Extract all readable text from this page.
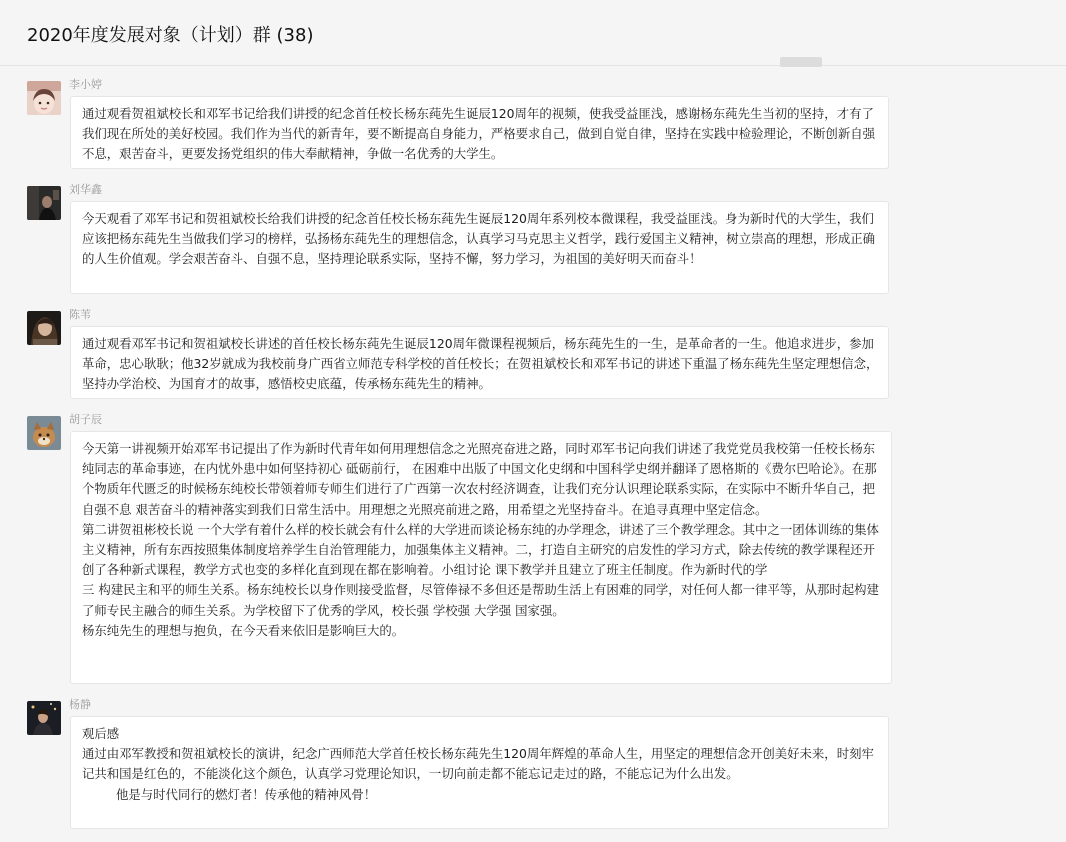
2020年度发展对象（计划）群 (38)
李小婷
通过观看贺祖斌校长和邓军书记给我们讲授的纪念首任校长杨东莼先生诞辰120周年的视频，使我受益匪浅，感谢杨东莼先生当初的坚持，才有了我们现在所处的美好校园。我们作为当代的新青年，要不断提高自身能力，严格要求自己，做到自觉自律，坚持在实践中检验理论，不断创新自强不息，艰苦奋斗，更要发扬党组织的伟大奉献精神，争做一名优秀的大学生。
刘华鑫
今天观看了邓军书记和贺祖斌校长给我们讲授的纪念首任校长杨东莼先生诞辰120周年系列校本微课程，我受益匪浅。身为新时代的大学生，我们应该把杨东莼先生当做我们学习的榜样，弘扬杨东莼先生的理想信念，认真学习马克思主义哲学，践行爱国主义精神，树立崇高的理想，形成正确的人生价值观。学会艰苦奋斗、自强不息，坚持理论联系实际，坚持不懈，努力学习，为祖国的美好明天而奋斗！
陈苇
通过观看邓军书记和贺祖斌校长讲述的首任校长杨东莼先生诞辰120周年微课程视频后，杨东莼先生的一生，是革命者的一生。他追求进步，参加革命，忠心耿耿；他32岁就成为我校前身广西省立师范专科学校的首任校长；在贺祖斌校长和邓军书记的讲述下重温了杨东莼先生坚定理想信念，坚持办学治校、为国育才的故事，感悟校史底蕴，传承杨东莼先生的精神。
胡子辰
今天第一讲视频开始邓军书记提出了作为新时代青年如何用理想信念之光照亮奋进之路，同时邓军书记向我们讲述了我党党员我校第一任校长杨东纯同志的革命事迹，在内忧外患中如何坚持初心 砥砺前行， 在困难中出版了中国文化史纲和中国科学史纲并翻译了恩格斯的《费尔巴哈论》。在那个物质年代匮乏的时候杨东纯校长带领着师专师生们进行了广西第一次农村经济调查，让我们充分认识理论联系实际，在实际中不断升华自己，把自强不息 艰苦奋斗的精神落实到我们日常生活中。用理想之光照亮前进之路，用希望之光坚持奋斗。在追寻真理中坚定信念。
第二讲贺祖彬校长说 一个大学有着什么样的校长就会有什么样的大学进而谈论杨东纯的办学理念，讲述了三个教学理念。其中之一团体训练的集体主义精神，所有东西按照集体制度培养学生自治管理能力，加强集体主义精神。二，打造自主研究的启发性的学习方式，除去传统的教学课程还开创了各种新式课程，教学方式也变的多样化直到现在都在影响着。小组讨论 课下教学并且建立了班主任制度。作为新时代的学
三 构建民主和平的师生关系。杨东纯校长以身作则接受监督，尽管俸禄不多但还是帮助生活上有困难的同学，对任何人都一律平等，从那时起构建了师专民主融合的师生关系。为学校留下了优秀的学风，校长强 学校强 大学强 国家强。
杨东纯先生的理想与抱负，在今天看来依旧是影响巨大的。
杨静
观后感
通过由邓军教授和贺祖斌校长的演讲，纪念广西师范大学首任校长杨东莼先生120周年辉煌的革命人生，用坚定的理想信念开创美好未来，时刻牢记共和国是红色的，不能淡化这个颜色，认真学习党理论知识，一切向前走都不能忘记走过的路，不能忘记为什么出发。
他是与时代同行的燃灯者！传承他的精神风骨！
